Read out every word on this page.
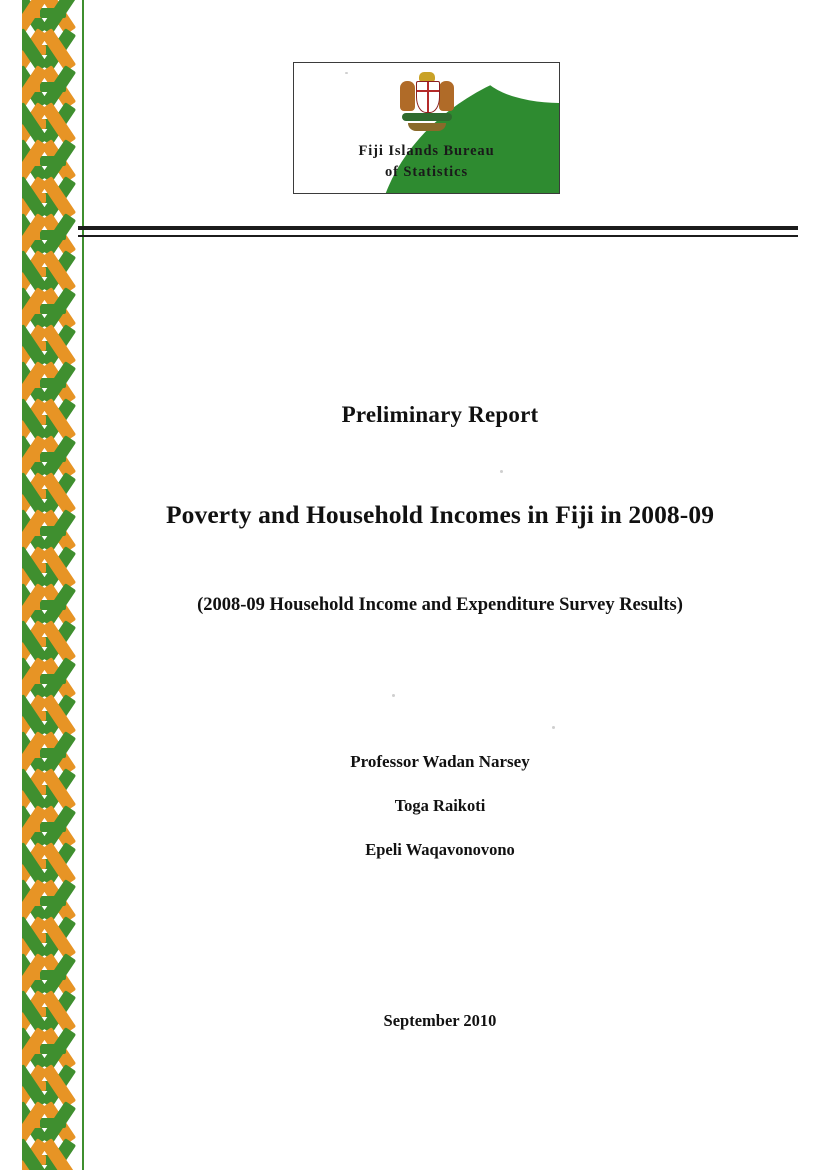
Fiji Islands Bureau
of Statistics
Preliminary Report
Poverty and Household Incomes in Fiji in 2008-09
(2008-09 Household Income and Expenditure Survey Results)
Professor Wadan Narsey
Toga Raikoti
Epeli Waqavonovono
September 2010
